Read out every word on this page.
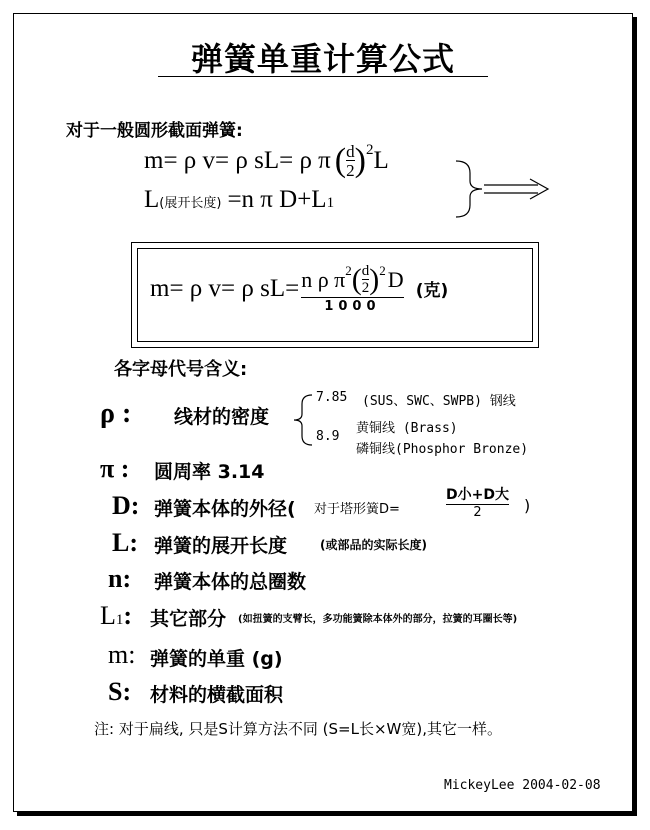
弹簧单重计算公式
对于一般圆形截面弹簧:
m= ρ v= ρ sL= ρ π ( $\frac{d}{2}$ ) 2 L
L (展开长度) =n π D+L 1
m= ρ v= ρ sL= n ρ π 2 ( $\frac{d}{2}$ ) 2 D
1000
(克)
各字母代号含义:
ρ : 线材的密度
7.85 (SUS、SWC、SWPB) 钢线
8.9
黄铜线 (Brass)
磷铜线(Phosphor Bronze)
π : 圆周率 3.14
D: 弹簧本体的外径( 对于塔形簧D=
D小+D大
2	)
L: 弹簧的展开长度	(或部品的实际长度)
n: 弹簧本体的总圈数
L1: 其它部分 (如扭簧的支臂长，多功能簧除本体外的部分，拉簧的耳圈长等)
m: 弹簧的单重 (g)
S: 材料的横截面积
注: 对于扁线, 只是S计算方法不同 (S=L长×W宽),其它一样。
MickeyLee 2004-02-08
